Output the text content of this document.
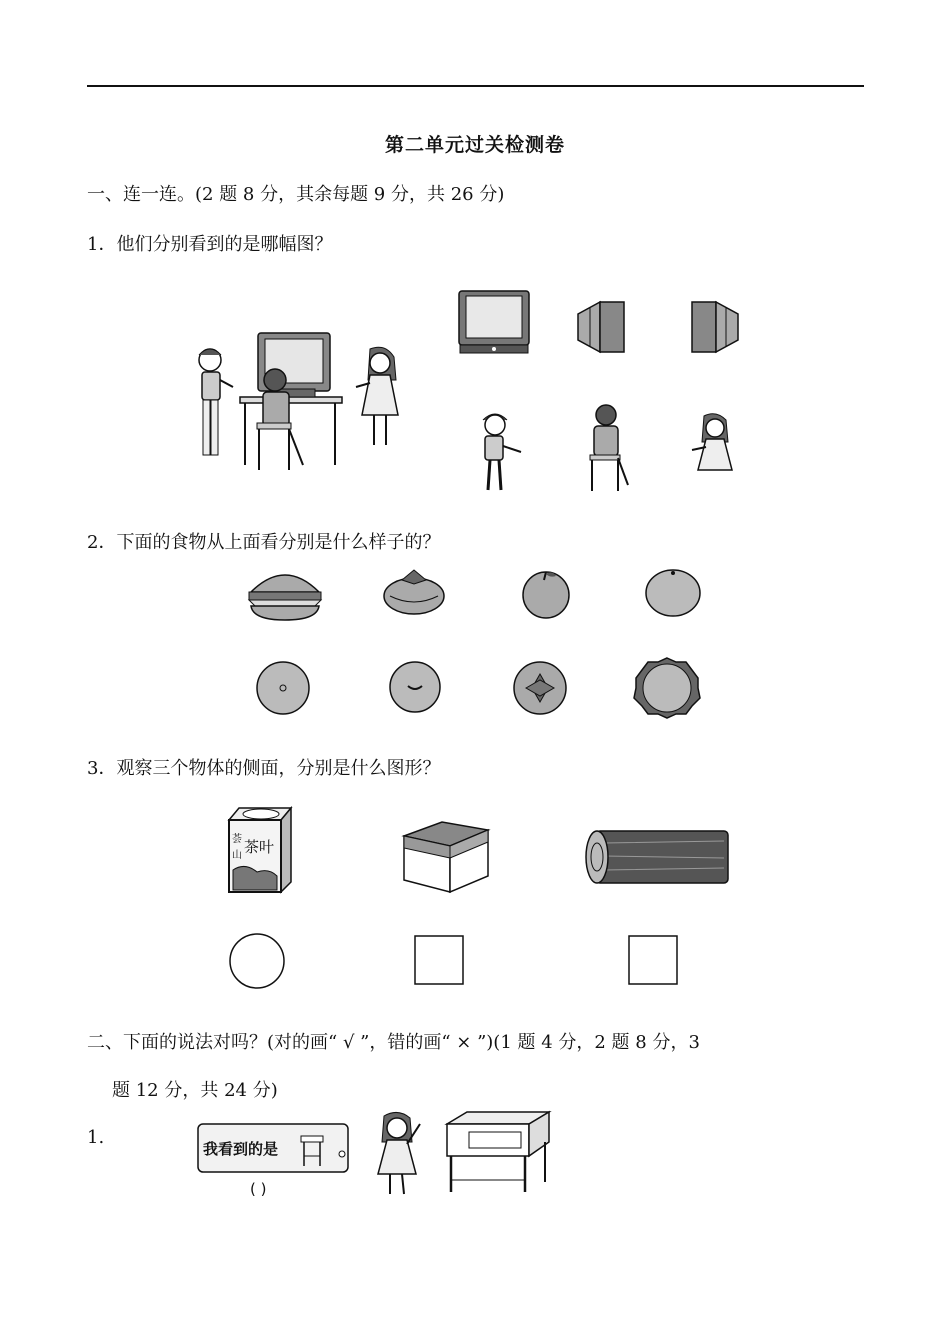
第二单元过关检测卷
一、连一连。(2 题 8 分，其余每题 9 分，共 26 分)
1．他们分别看到的是哪幅图？
2．下面的食物从上面看分别是什么样子的？
3．观察三个物体的侧面，分别是什么图形？
荟
山 茶叶
二、下面的说法对吗？(对的画“ √ ”，错的画“ × ”)(1 题 4 分，2 题 8 分，3
题 12 分，共 24 分)
1.
我看到的是
( )
